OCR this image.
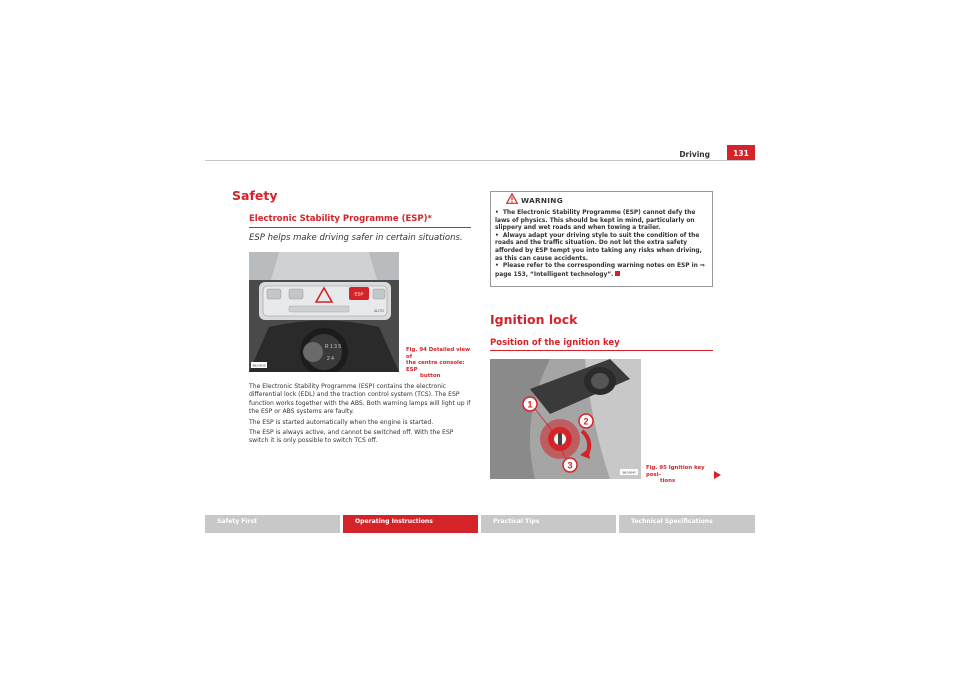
Driving	131
Safety
Electronic Stability Programme (ESP)*
ESP helps make driving safer in certain situations.
ESP
AUTO
R 1 3 5
2 4
B6J-0039
Fig. 94 Detailed view of
the centre console: ESP
button

The Electronic Stability Programme (ESP) contains the electronic differential lock (EDL) and the traction control system (TCS). The ESP function works together with the ABS. Both warning lamps will light up if the ESP or ABS systems are faulty.

The ESP is started automatically when the engine is started.

The ESP is always active, and cannot be switched off. With the ESP switch it is only possible to switch TCS off.

WARNING

• The Electronic Stability Programme (ESP) cannot defy the laws of physics. This should be kept in mind, particularly on slippery and wet roads and when towing a trailer.

• Always adapt your driving style to suit the condition of the roads and the traffic situation. Do not let the extra safety afforded by ESP tempt you into taking any risks when driving, as this can cause accidents.

• Please refer to the corresponding warning notes on ESP in ⇒ page 153, “Intelligent technology”.

Ignition lock
Position of the ignition key
1
2
3
B6J-0040
Fig. 95 Ignition key posi-
tions
Safety First	Operating Instructions	Practical Tips	Technical Specifications
